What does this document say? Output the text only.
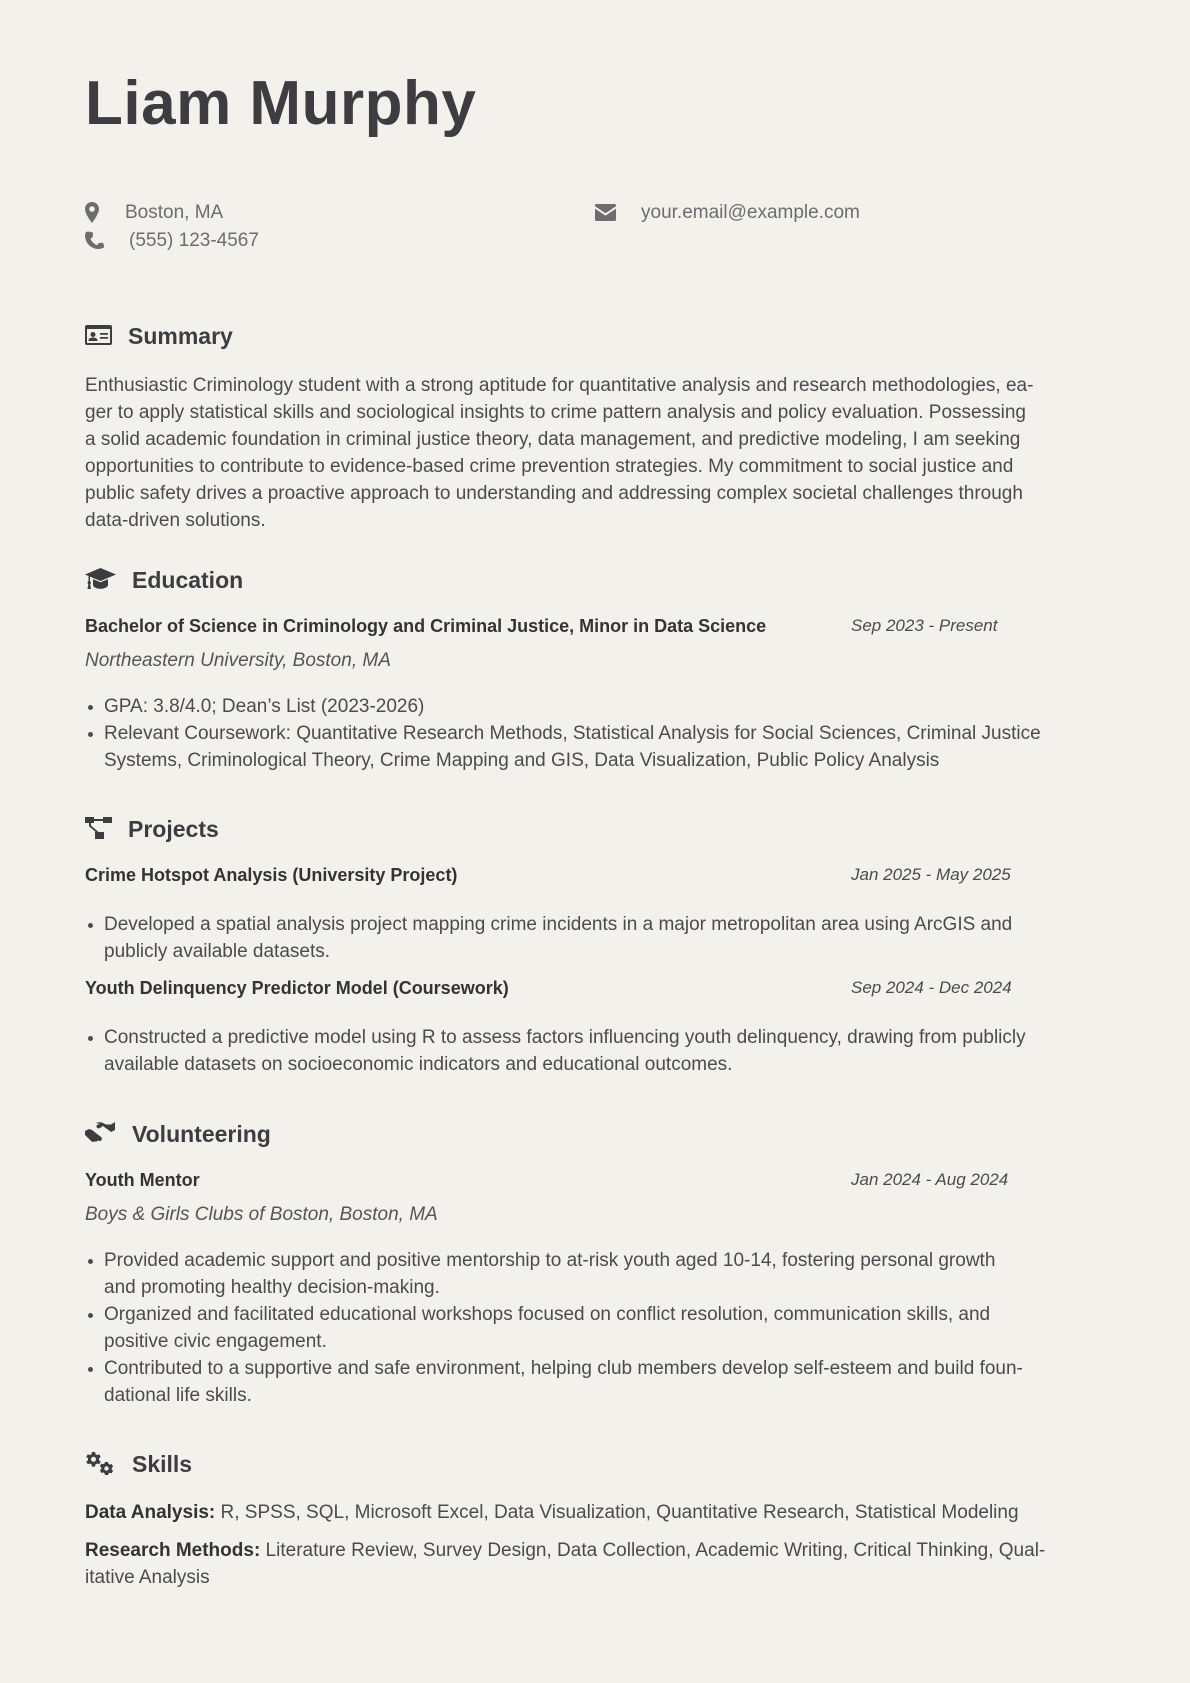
Liam Murphy
Boston, MA
(555) 123-4567
your.email@example.com
Summary
Enthusiastic Criminology student with a strong aptitude for quantitative analysis and research methodologies, ea-
ger to apply statistical skills and sociological insights to crime pattern analysis and policy evaluation. Possessing
a solid academic foundation in criminal justice theory, data management, and predictive modeling, I am seeking
opportunities to contribute to evidence-based crime prevention strategies. My commitment to social justice and
public safety drives a proactive approach to understanding and addressing complex societal challenges through
data-driven solutions.
Education
Bachelor of Science in Criminology and Criminal Justice, Minor in Data Science	Sep 2023 - Present
Northeastern University, Boston, MA
GPA: 3.8/4.0; Dean’s List (2023-2026)
Relevant Coursework: Quantitative Research Methods, Statistical Analysis for Social Sciences, Criminal Justice
Systems, Criminological Theory, Crime Mapping and GIS, Data Visualization, Public Policy Analysis
Projects
Crime Hotspot Analysis (University Project)	Jan 2025 - May 2025
Developed a spatial analysis project mapping crime incidents in a major metropolitan area using ArcGIS and
publicly available datasets.
Youth Delinquency Predictor Model (Coursework)	Sep 2024 - Dec 2024
Constructed a predictive model using R to assess factors influencing youth delinquency, drawing from publicly
available datasets on socioeconomic indicators and educational outcomes.
Volunteering
Youth Mentor	Jan 2024 - Aug 2024
Boys & Girls Clubs of Boston, Boston, MA
Provided academic support and positive mentorship to at-risk youth aged 10-14, fostering personal growth
and promoting healthy decision-making.
Organized and facilitated educational workshops focused on conflict resolution, communication skills, and
positive civic engagement.
Contributed to a supportive and safe environment, helping club members develop self-esteem and build foun-
dational life skills.
Skills
Data Analysis: R, SPSS, SQL, Microsoft Excel, Data Visualization, Quantitative Research, Statistical Modeling
Research Methods: Literature Review, Survey Design, Data Collection, Academic Writing, Critical Thinking, Qual-
itative Analysis
